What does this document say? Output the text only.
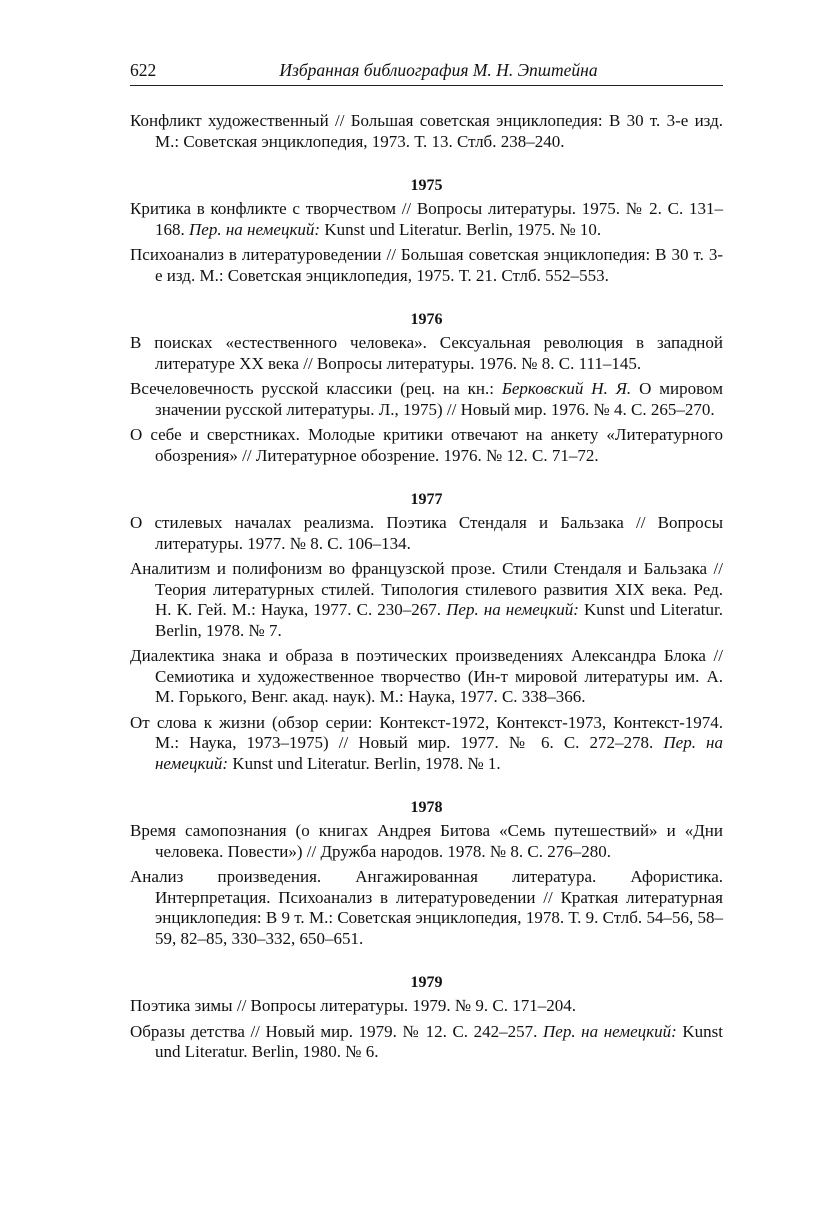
622	Избранная библиография М. Н. Эпштейна

Конфликт художественный // Большая советская энциклопедия: В 30 т. 3-е изд. М.: Советская энциклопедия, 1973. Т. 13. Стлб. 238–240.

1975

Критика в конфликте с творчеством // Вопросы литературы. 1975. № 2. С. 131–168. Пер. на немецкий: Kunst und Literatur. Berlin, 1975. № 10.

Психоанализ в литературоведении // Большая советская энциклопедия: В 30 т. 3-е изд. М.: Советская энциклопедия, 1975. Т. 21. Стлб. 552–553.

1976

В поисках «естественного человека». Сексуальная революция в западной литературе XX века // Вопросы литературы. 1976. № 8. С. 111–145.

Всечеловечность русской классики (рец. на кн.: Берковский Н. Я. О мировом значении русской литературы. Л., 1975) // Новый мир. 1976. № 4. С. 265–270.

О себе и сверстниках. Молодые критики отвечают на анкету «Литературного обозрения» // Литературное обозрение. 1976. № 12. С. 71–72.

1977

О стилевых началах реализма. Поэтика Стендаля и Бальзака // Вопросы литературы. 1977. № 8. С. 106–134.

Аналитизм и полифонизм во французской прозе. Стили Стендаля и Бальзака // Теория литературных стилей. Типология стилевого развития XIX века. Ред. Н. К. Гей. М.: Наука, 1977. С. 230–267. Пер. на немецкий: Kunst und Literatur. Berlin, 1978. № 7.

Диалектика знака и образа в поэтических произведениях Александра Блока // Семиотика и художественное творчество (Ин-т мировой литературы им. А. М. Горького, Венг. акад. наук). М.: Наука, 1977. С. 338–366.

От слова к жизни (обзор серии: Контекст-1972, Контекст-1973, Контекст-1974. М.: Наука, 1973–1975) // Новый мир. 1977. № 6. С. 272–278. Пер. на немецкий: Kunst und Literatur. Berlin, 1978. № 1.

1978

Время самопознания (о книгах Андрея Битова «Семь путешествий» и «Дни человека. Повести») // Дружба народов. 1978. № 8. С. 276–280.

Анализ произведения. Ангажированная литература. Афористика. Интерпретация. Психоанализ в литературоведении // Краткая литературная энциклопедия: В 9 т. М.: Советская энциклопедия, 1978. Т. 9. Стлб. 54–56, 58–59, 82–85, 330–332, 650–651.

1979

Поэтика зимы // Вопросы литературы. 1979. № 9. С. 171–204.

Образы детства // Новый мир. 1979. № 12. С. 242–257. Пер. на немецкий: Kunst und Literatur. Berlin, 1980. № 6.
